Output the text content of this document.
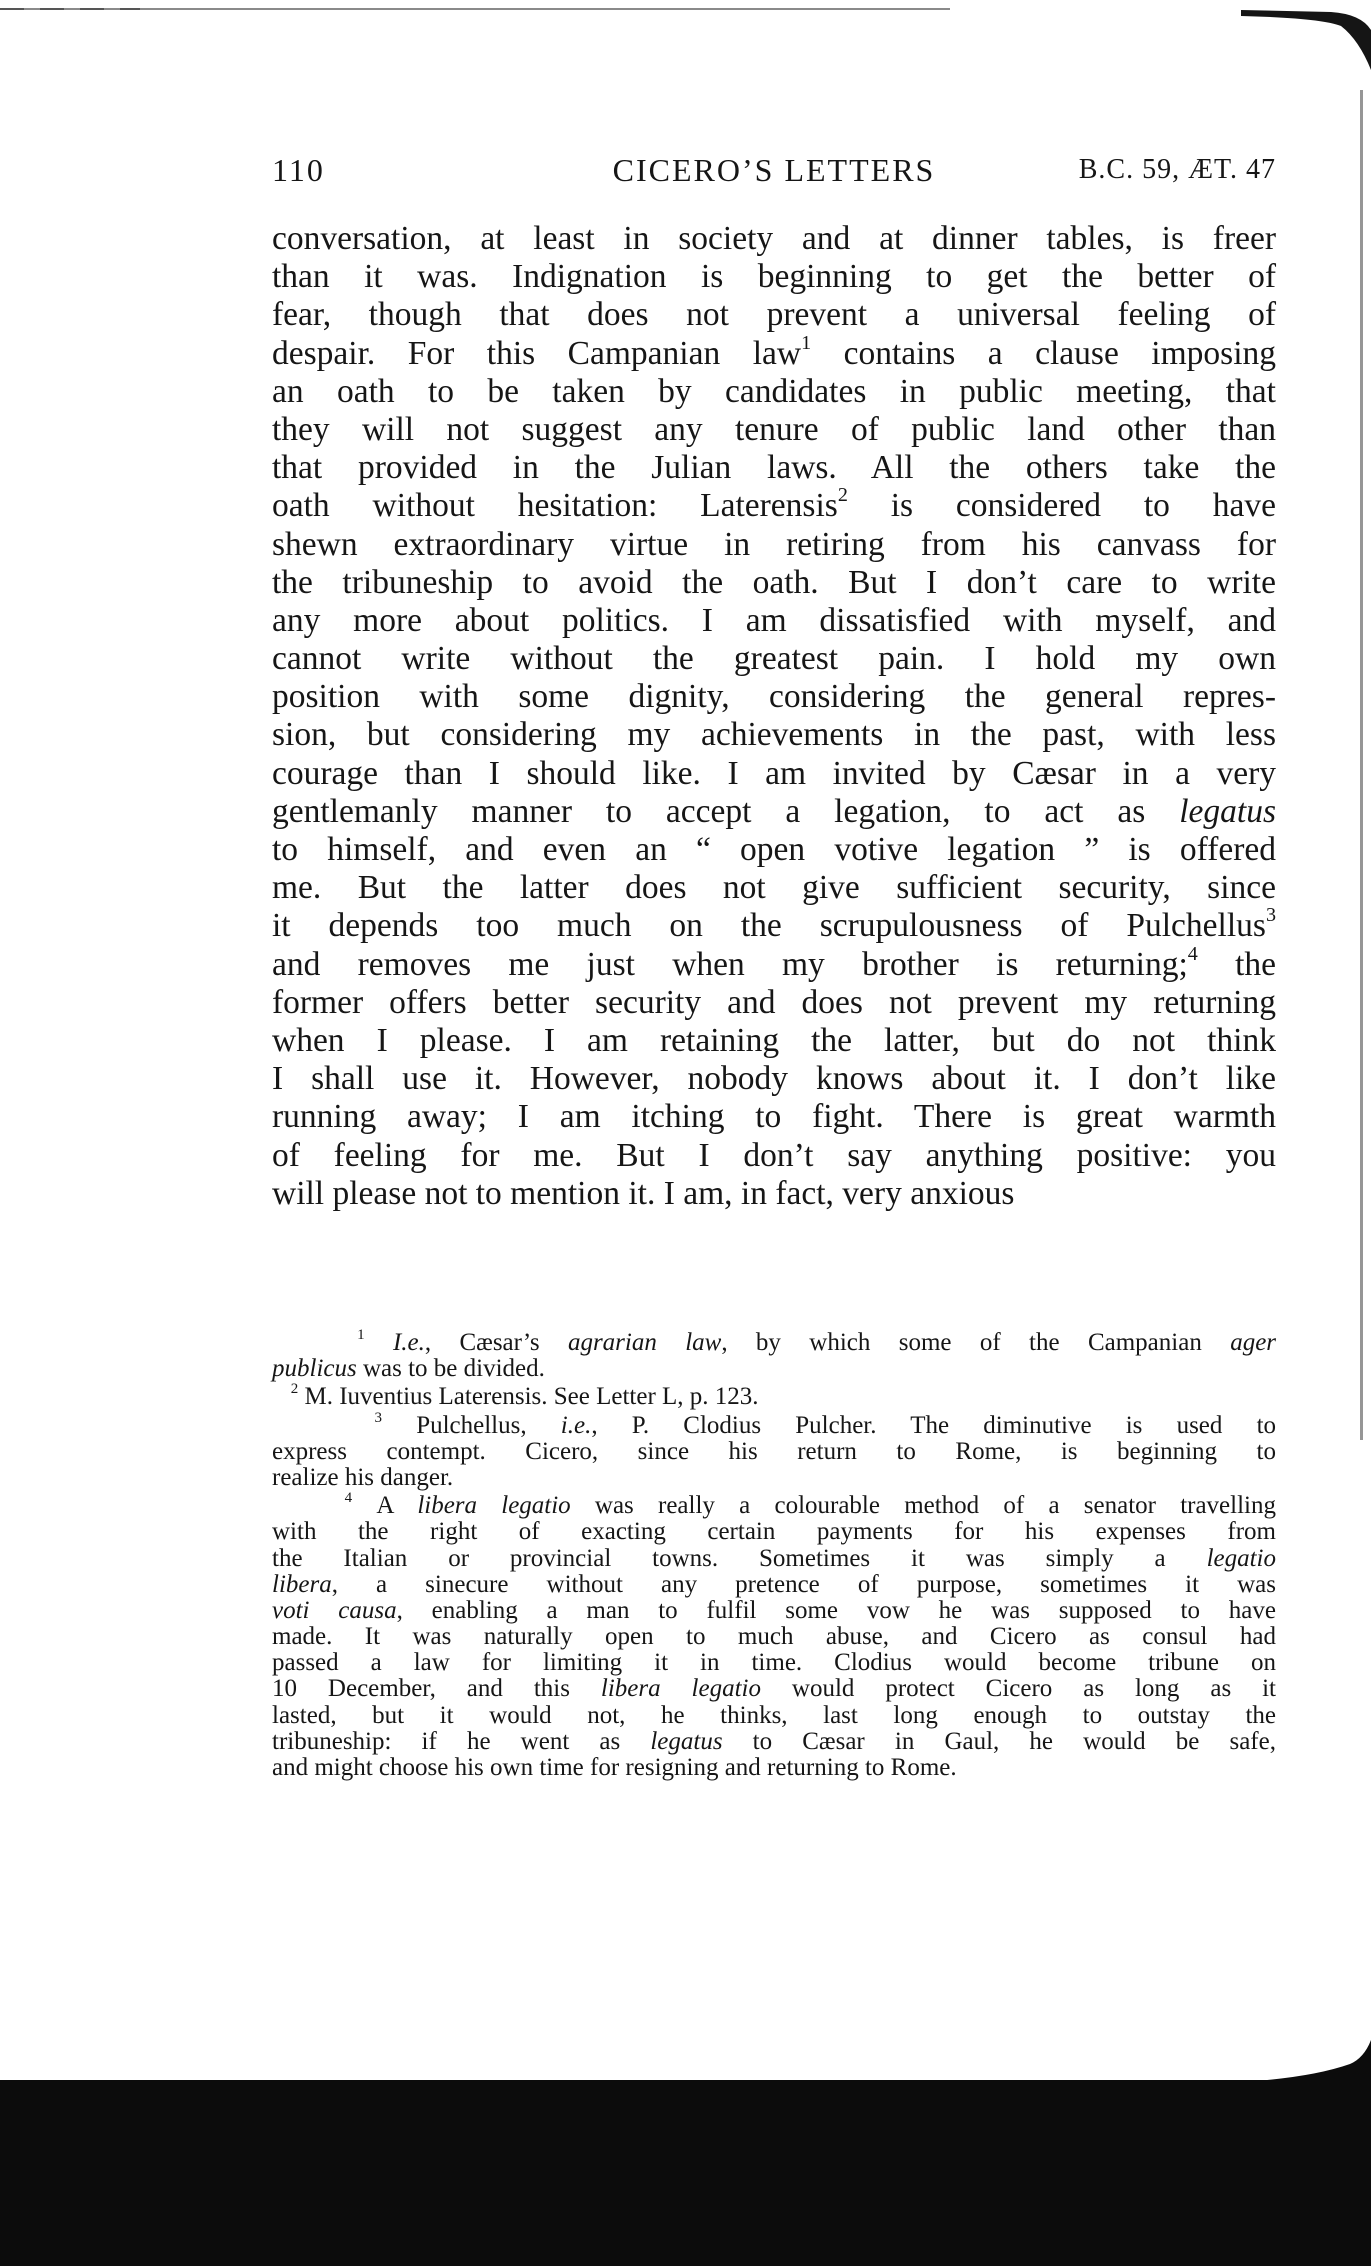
110	CICERO’S LETTERS	B.C. 59, ÆT. 47
conversation, at least in society and at dinner tables, is freer
than it was. Indignation is beginning to get the better of
fear, though that does not prevent a universal feeling of
despair. For this Campanian law$^1$ contains a clause imposing
an oath to be taken by candidates in public meeting, that
they will not suggest any tenure of public land other than
that provided in the Julian laws. All the others take the
oath without hesitation: Laterensis$^2$ is considered to have
shewn extraordinary virtue in retiring from his canvass for
the tribuneship to avoid the oath. But I don’t care to write
any more about politics. I am dissatisfied with myself, and
cannot write without the greatest pain. I hold my own
position with some dignity, considering the general repres-
sion, but considering my achievements in the past, with less
courage than I should like. I am invited by Cæsar in a very
gentlemanly manner to accept a legation, to act as legatus
to himself, and even an “ open votive legation ” is offered
me. But the latter does not give sufficient security, since
it depends too much on the scrupulousness of Pulchellus$^3$
and removes me just when my brother is returning;$^4$ the
former offers better security and does not prevent my returning
when I please. I am retaining the latter, but do not think
I shall use it. However, nobody knows about it. I don’t like
running away; I am itching to fight. There is great warmth
of feeling for me. But I don’t say anything positive: you
will please not to mention it. I am, in fact, very anxious
$^1$ I.e., Cæsar’s agrarian law, by which some of the Campanian ager
publicus was to be divided.
$^2$ M. Iuventius Laterensis. See Letter L, p. 123.
$^3$ Pulchellus, i.e., P. Clodius Pulcher. The diminutive is used to
express contempt. Cicero, since his return to Rome, is beginning to
realize his danger.
$^4$ A libera legatio was really a colourable method of a senator travelling
with the right of exacting certain payments for his expenses from
the Italian or provincial towns. Sometimes it was simply a legatio
libera, a sinecure without any pretence of purpose, sometimes it was
voti causa, enabling a man to fulfil some vow he was supposed to have
made. It was naturally open to much abuse, and Cicero as consul had
passed a law for limiting it in time. Clodius would become tribune on
10 December, and this libera legatio would protect Cicero as long as it
lasted, but it would not, he thinks, last long enough to outstay the
tribuneship: if he went as legatus to Cæsar in Gaul, he would be safe,
and might choose his own time for resigning and returning to Rome.
